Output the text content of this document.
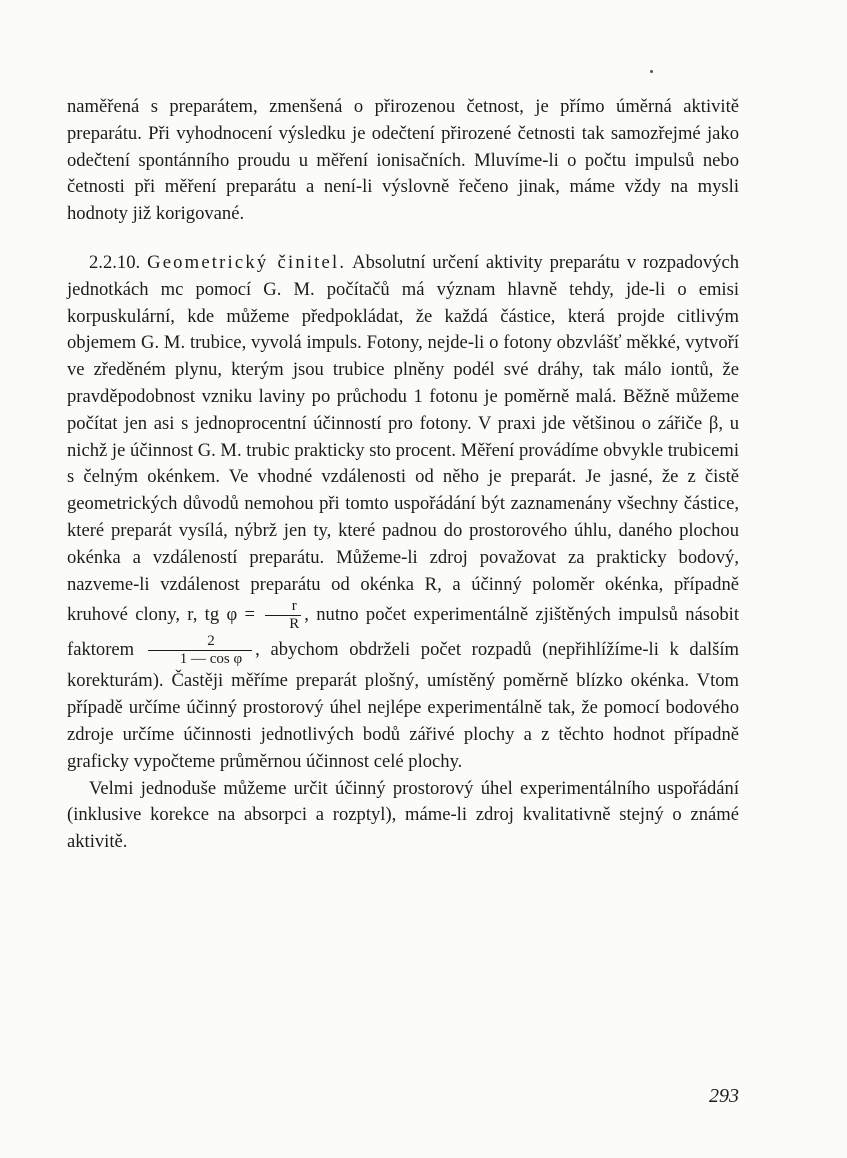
naměřená s preparátem, zmenšená o přirozenou četnost, je přímo úměrná aktivitě preparátu. Při vyhodnocení výsledku je odečtení přirozené četnosti tak samozřejmé jako odečtení spontánního proudu u měření ionisačních. Mluvíme-li o počtu impulsů nebo četnosti při měření preparátu a není-li výslovně řečeno jinak, máme vždy na mysli hodnoty již korigované.

2.2.10. Geometrický činitel. Absolutní určení aktivity preparátu v rozpadových jednotkách mc pomocí G. M. počítačů má význam hlavně tehdy, jde-li o emisi korpuskulární, kde můžeme předpokládat, že každá částice, která projde citlivým objemem G. M. trubice, vyvolá impuls. Fotony, nejde-li o fotony obzvlášť měkké, vytvoří ve zředěném plynu, kterým jsou trubice plněny podél své dráhy, tak málo iontů, že pravděpodobnost vzniku laviny po průchodu 1 fotonu je poměrně malá. Běžně můžeme počítat jen asi s jednoprocentní účinností pro fotony. V praxi jde většinou o zářiče β, u nichž je účinnost G. M. trubic prakticky sto procent. Měření provádíme obvykle trubicemi s čelným okénkem. Ve vhodné vzdálenosti od něho je preparát. Je jasné, že z čistě geometrických důvodů nemohou při tomto uspořádání být zaznamenány všechny částice, které preparát vysílá, nýbrž jen ty, které padnou do prostorového úhlu, daného plochou okénka a vzdáleností preparátu. Můžeme-li zdroj považovat za prakticky bodový, nazveme-li vzdálenost preparátu od okénka R, a účinný poloměr okénka, případně kruhové clony, r, tg $\varphi = \frac{r}{R}$ , nutno počet experimentálně zjištěných impulsů násobit faktorem $\frac{2}{\text{1 — cos φ}}$ , abychom obdrželi počet rozpadů (nepřihlížíme-li k dalším korekturám). Častěji měříme preparát plošný, umístěný poměrně blízko okénka. Vtom případě určíme účinný prostorový úhel nejlépe experimentálně tak, že pomocí bodového zdroje určíme účinnosti jednotlivých bodů zářivé plochy a z těchto hodnot případně graficky vypočteme průměrnou účinnost celé plochy.

Velmi jednoduše můžeme určit účinný prostorový úhel experimentálního uspořádání (inklusive korekce na absorpci a rozptyl), máme-li zdroj kvalitativně stejný o známé aktivitě.

293
